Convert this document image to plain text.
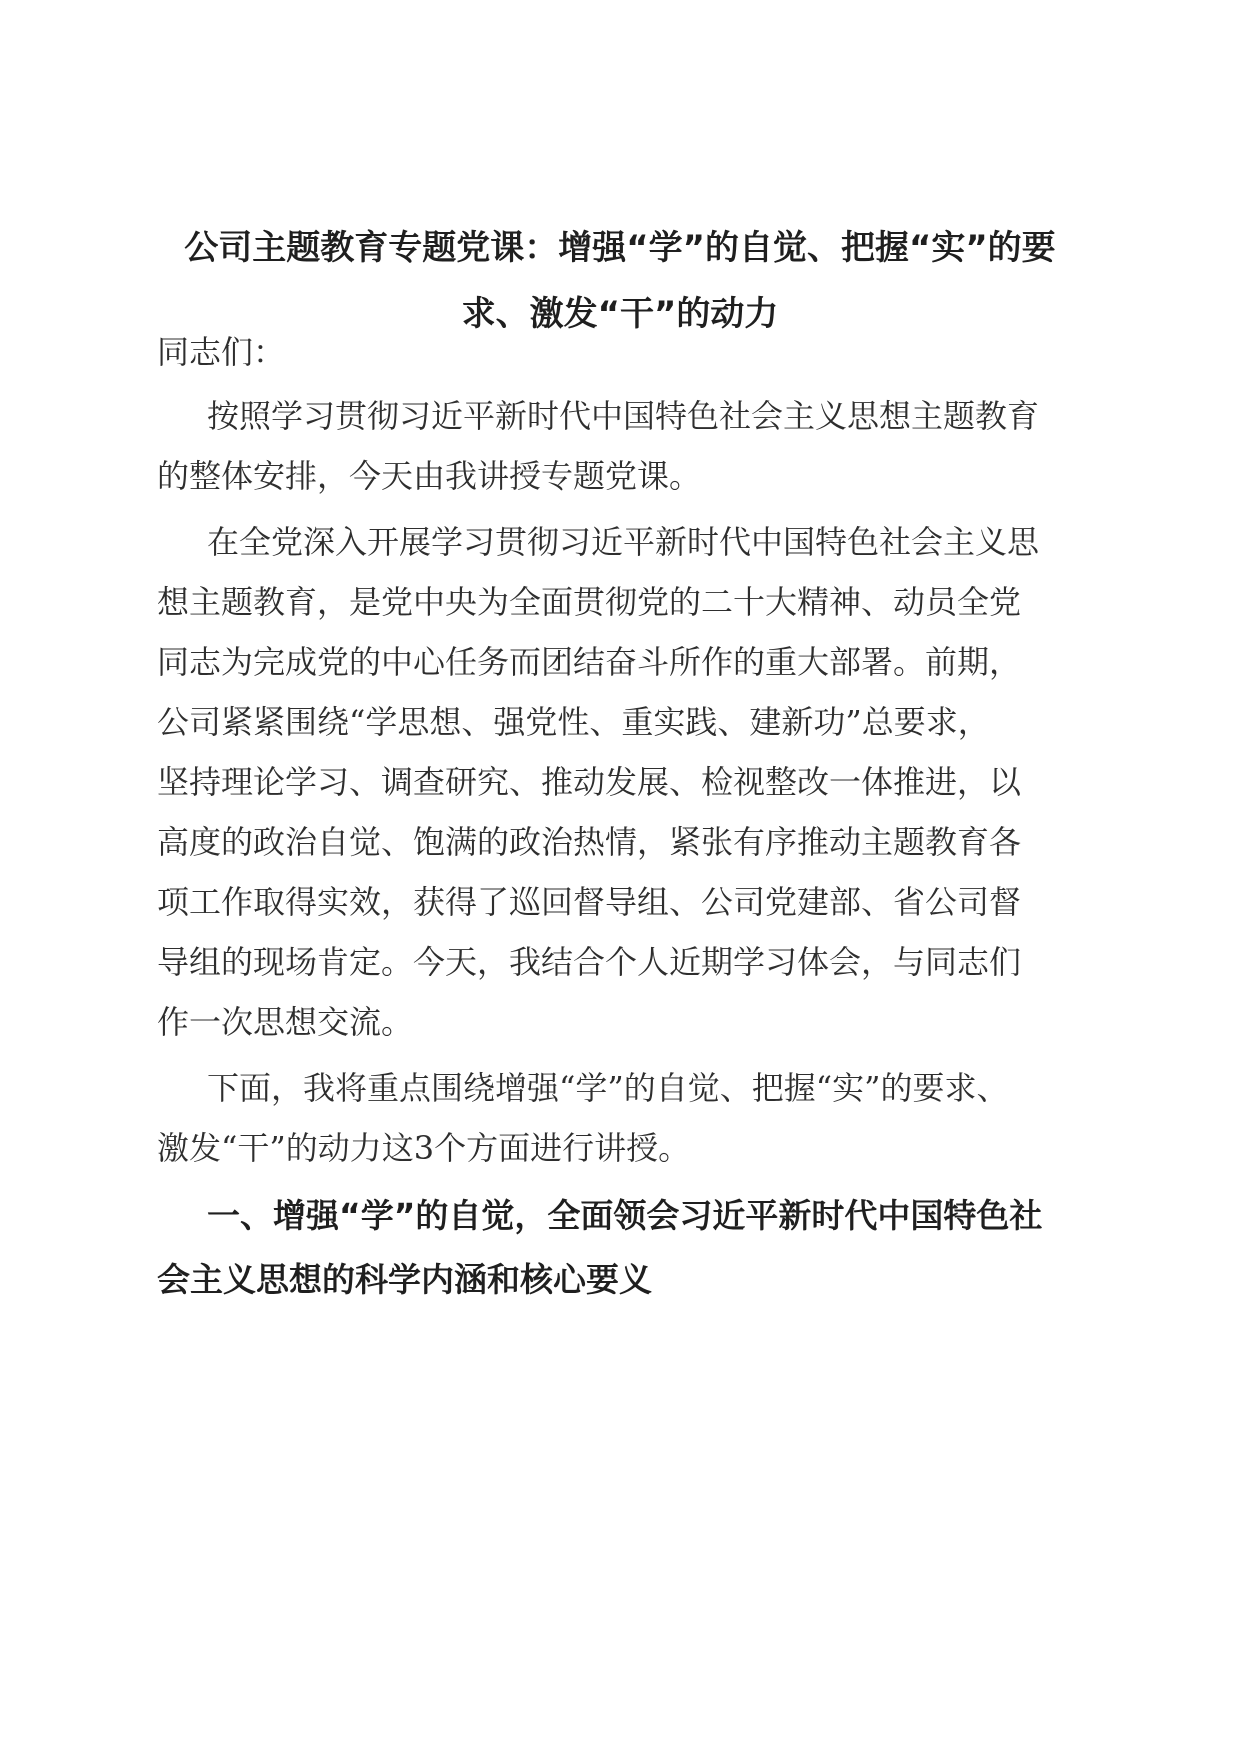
公司主题教育专题党课：增强“学”的自觉、把握“实”的要
求、激发“干”的动力
同志们：
按照学习贯彻习近平新时代中国特色社会主义思想主题教育
的整体安排，今天由我讲授专题党课。
在全党深入开展学习贯彻习近平新时代中国特色社会主义思
想主题教育，是党中央为全面贯彻党的二十大精神、动员全党
同志为完成党的中心任务而团结奋斗所作的重大部署。前期，
公司紧紧围绕“学思想、强党性、重实践、建新功”总要求，
坚持理论学习、调查研究、推动发展、检视整改一体推进，以
高度的政治自觉、饱满的政治热情，紧张有序推动主题教育各
项工作取得实效，获得了巡回督导组、公司党建部、省公司督
导组的现场肯定。今天，我结合个人近期学习体会，与同志们
作一次思想交流。
下面，我将重点围绕增强“学”的自觉、把握“实”的要求、
激发“干”的动力这3个方面进行讲授。
一、增强“学”的自觉，全面领会习近平新时代中国特色社
会主义思想的科学内涵和核心要义
